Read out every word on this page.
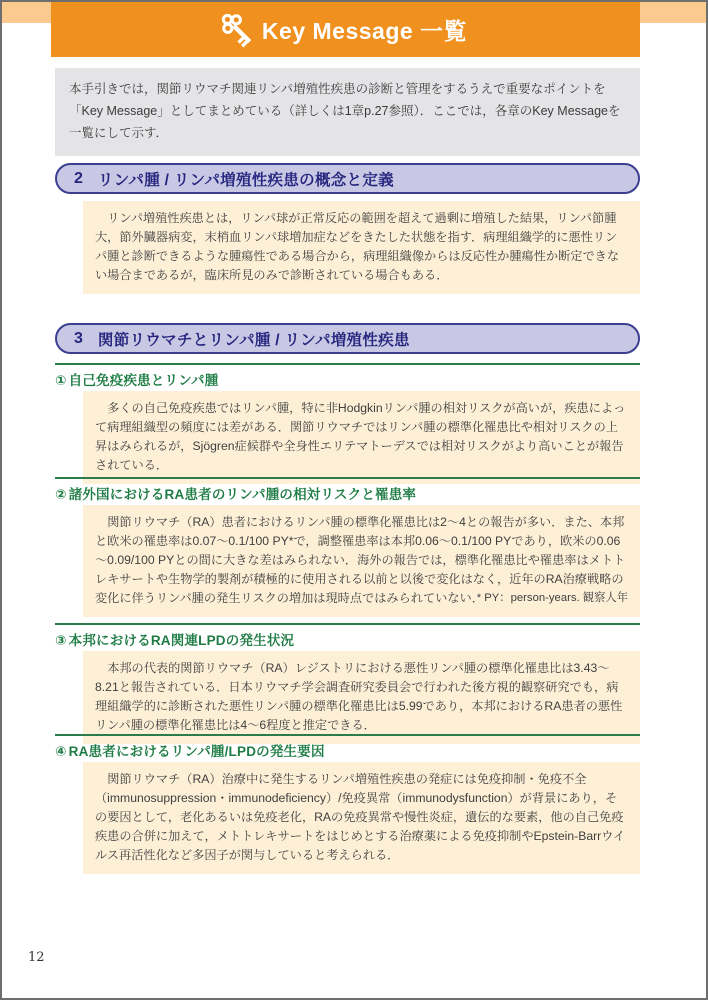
Key Message 一覧

本手引きでは，関節リウマチ関連リンパ増殖性疾患の診断と管理をするうえで重要なポイントを「Key Message」としてまとめている（詳しくは1章p.27参照）．ここでは，各章のKey Messageを一覧にして示す．

2 リンパ腫 / リンパ増殖性疾患の概念と定義

リンパ増殖性疾患とは，リンパ球が正常反応の範囲を超えて過剰に増殖した結果，リンパ節腫大，節外臓器病変，末梢血リンパ球増加症などをきたした状態を指す．病理組織学的に悪性リンパ腫と診断できるような腫瘍性である場合から，病理組織像からは反応性か腫瘍性か断定できない場合まであるが，臨床所見のみで診断されている場合もある．

3 関節リウマチとリンパ腫 / リンパ増殖性疾患
① 自己免疫疾患とリンパ腫

多くの自己免疫疾患ではリンパ腫，特に非Hodgkinリンパ腫の相対リスクが高いが，疾患によって病理組織型の頻度には差がある．関節リウマチではリンパ腫の標準化罹患比や相対リスクの上昇はみられるが，Sjögren症候群や全身性エリテマトーデスでは相対リスクがより高いことが報告されている．

② 諸外国におけるRA患者のリンパ腫の相対リスクと罹患率

関節リウマチ（RA）患者におけるリンパ腫の標準化罹患比は2～4との報告が多い．また、本邦と欧米の罹患率は0.07～0.1/100 PY*で，調整罹患率は本邦0.06～0.1/100 PYであり，欧米の0.06～0.09/100 PYとの間に大きな差はみられない．海外の報告では，標準化罹患比や罹患率はメトトレキサートや生物学的製剤が積極的に使用される以前と以後で変化はなく，近年のRA治療戦略の変化に伴うリンパ腫の発生リスクの増加は現時点ではみられていない．

* PY：person-years. 観察人年
③ 本邦におけるRA関連LPDの発生状況

本邦の代表的関節リウマチ（RA）レジストリにおける悪性リンパ腫の標準化罹患比は3.43～8.21と報告されている．日本リウマチ学会調査研究委員会で行われた後方視的観察研究でも，病理組織学的に診断された悪性リンパ腫の標準化罹患比は5.99であり，本邦におけるRA患者の悪性リンパ腫の標準化罹患比は4～6程度と推定できる．

④ RA患者におけるリンパ腫/LPDの発生要因

関節リウマチ（RA）治療中に発生するリンパ増殖性疾患の発症には免疫抑制・免疫不全（immunosuppression・immunodeficiency）/免疫異常（immunodysfunction）が背景にあり，その要因として，老化あるいは免疫老化，RAの免疫異常や慢性炎症，遺伝的な要素，他の自己免疫疾患の合併に加えて，メトトレキサートをはじめとする治療薬による免疫抑制やEpstein-Barrウイルス再活性化など多因子が関与していると考えられる．

12
